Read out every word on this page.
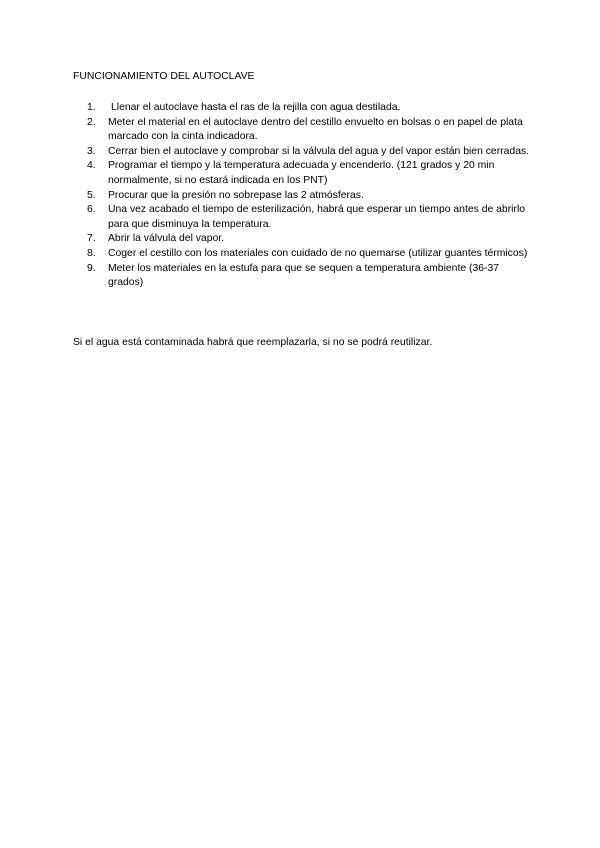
FUNCIONAMIENTO DEL AUTOCLAVE
1.	Llenar el autoclave hasta el ras de la rejilla con agua destilada.
2.	Meter el material en el autoclave dentro del cestillo envuelto en bolsas o en papel de plata marcado con la cinta indicadora.
3.	Cerrar bien el autoclave y comprobar si la válvula del agua y del vapor están bien cerradas.
4.	Programar el tiempo y la temperatura adecuada y encenderlo. (121 grados y 20 min normalmente, si no estará indicada en los PNT)
5.	Procurar que la presión no sobrepase las 2 atmósferas.
6.	Una vez acabado el tiempo de esterilización, habrá que esperar un tiempo antes de abrirlo para que disminuya la temperatura.
7.	Abrir la válvula del vapor.
8.	Coger el cestillo con los materiales con cuidado de no quemarse (utilizar guantes térmicos)
9.	Meter los materiales en la estufa para que se sequen a temperatura ambiente (36-37 grados)
Si el agua está contaminada habrá que reemplazarla, si no se podrá reutilizar.
